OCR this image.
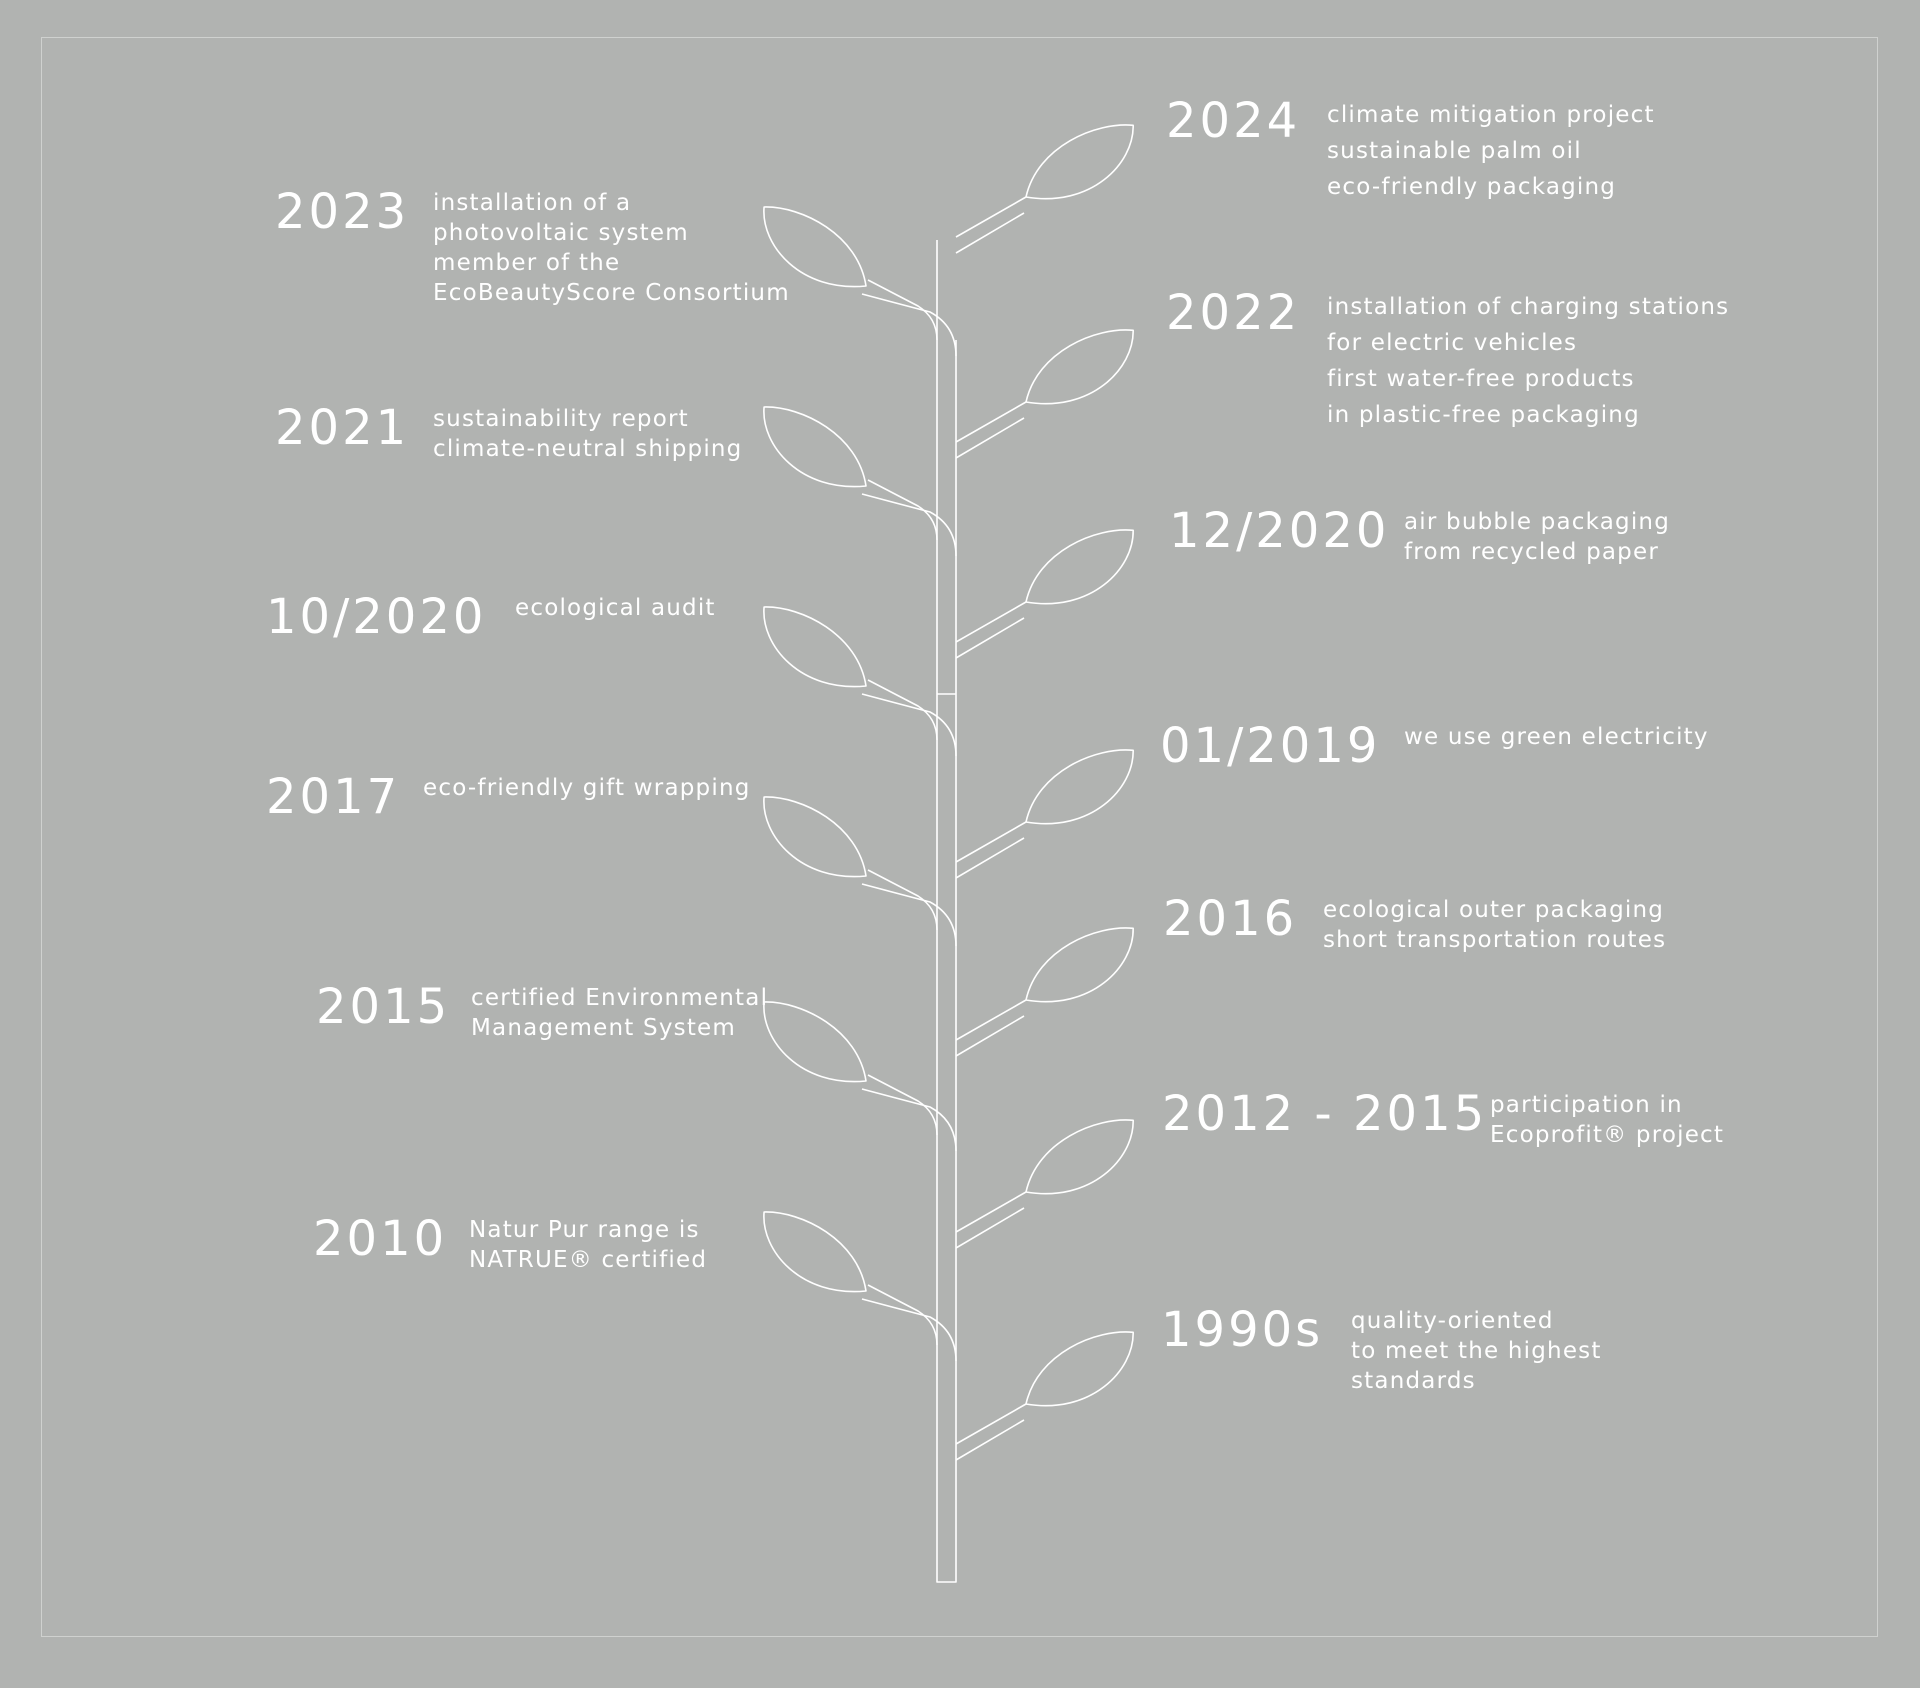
2023	installation of a
photovoltaic system
member of the
EcoBeautyScore Consortium
2021	sustainability report
climate-neutral shipping
10/2020	ecological audit
2017 eco-friendly gift wrapping
2015 certified Environmental
Management System
2010 Natur Pur range is
NATRUE® certified
2024	climate mitigation project
sustainable palm oil
eco-friendly packaging
2022	installation of charging stations
for electric vehicles
first water-free products
in plastic-free packaging
12/2020 air bubble packaging
from recycled paper
01/2019	we use green electricity
2016	ecological outer packaging
short transportation routes
2012 - 2015 participation in
Ecoprofit® project
1990s	quality-oriented
to meet the highest
standards
